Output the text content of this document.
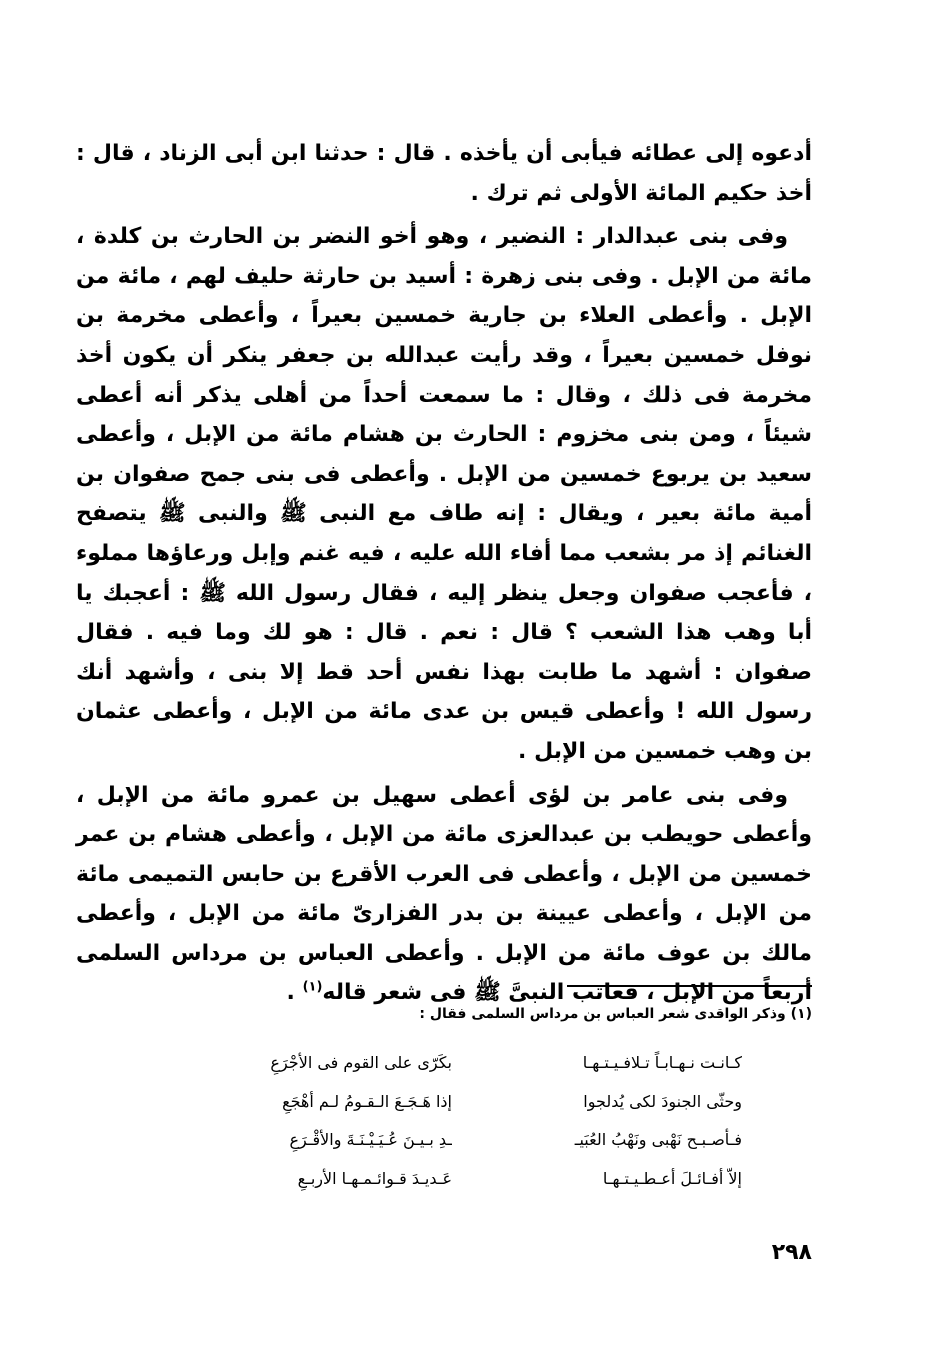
أدعوه إلى عطائه فيأبى أن يأخذه . قال : حدثنا ابن أبى الزناد ، قال : أخذ حكيم المائة الأولى ثم ترك .

وفى بنى عبدالدار : النضير ، وهو أخو النضر بن الحارث بن كلدة ، مائة من الإبل . وفى بنى زهرة : أسيد بن حارثة حليف لهم ، مائة من الإبل . وأعطى العلاء بن جارية خمسين بعيراً ، وأعطى مخرمة بن نوفل خمسين بعيراً ، وقد رأيت عبدالله بن جعفر ينكر أن يكون أخذ مخرمة فى ذلك ، وقال : ما سمعت أحداً من أهلى يذكر أنه أعطى شيئاً ، ومن بنى مخزوم : الحارث بن هشام مائة من الإبل ، وأعطى سعيد بن يربوع خمسين من الإبل . وأعطى فى بنى جمح صفوان بن أمية مائة بعير ، ويقال : إنه طاف مع النبى ﷺ والنبى ﷺ يتصفح الغنائم إذ مر بشعب مما أفاء الله عليه ، فيه غنم وإبل ورعاؤها مملوء ، فأعجب صفوان وجعل ينظر إليه ، فقال رسول الله ﷺ : أعجبك يا أبا وهب هذا الشعب ؟ قال : نعم . قال : هو لك وما فيه . فقال صفوان : أشهد ما طابت بهذا نفس أحد قط إلا بنى ، وأشهد أنك رسول الله ! وأعطى قيس بن عدى مائة من الإبل ، وأعطى عثمان بن وهب خمسين من الإبل .

وفى بنى عامر بن لؤى أعطى سهيل بن عمرو مائة من الإبل ، وأعطى حويطب بن عبدالعزى مائة من الإبل ، وأعطى هشام بن عمر خمسين من الإبل ، وأعطى فى العرب الأقرع بن حابس التميمى مائة من الإبل ، وأعطى عيينة بن بدر الفزارىّ مائة من الإبل ، وأعطى مالك بن عوف مائة من الإبل . وأعطى العباس بن مرداس السلمى أربعاً من الإبل ، فعاتب النبىَّ ﷺ فى شعر قاله$^{(١)}$ .

(١) وذكر الواقدى شعر العباس بن مرداس السلمى فقال :
كـانـت نـهـابـاً تـلافـيـتـهـا
بكَرّى على القوم فى الأجْرَعِ
وحثّى الجنودَ لكى يُدلجوا
إذا هَـجَـعَ الـقـومُ لـم أهْجَعِ
فـأصـبـح نَهْبى ونَهْبُ العُبَيـ
ـدِ بـيـنَ عُـيَـيْـنَـةَ والأقْـرَعِ
إلاّ أفـائـلَ أعـطـيـتـهـا
عَـديـدَ قـوائـمـهـا الأربـعِ
٢٩٨
